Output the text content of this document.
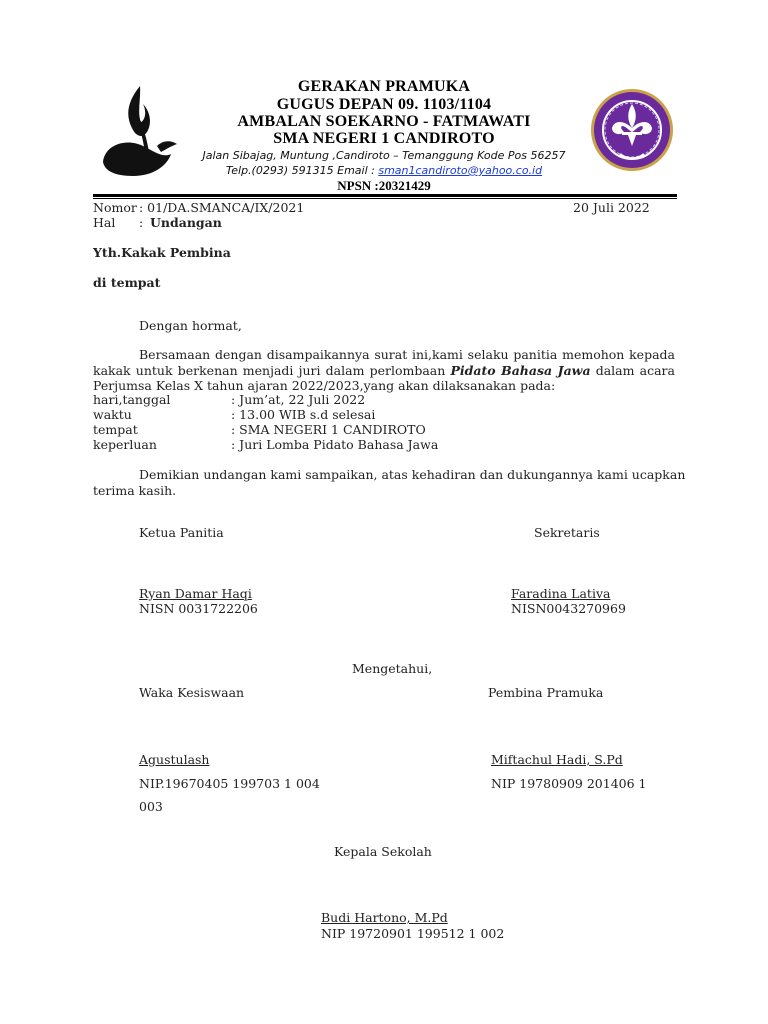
GERAKAN PRAMUKA
GUGUS DEPAN 09. 1103/1104
AMBALAN SOEKARNO - FATMAWATI
SMA NEGERI 1 CANDIROTO
Jalan Sibajag, Muntung ,Candiroto – Temanggung Kode Pos 56257
Telp.(0293) 591315 Email : sman1candiroto@yahoo.co.id
NPSN :20321429
Nomor : 01/DA.SMANCA/IX/2021	20 Juli 2022
Hal : Undangan
Yth.Kakak Pembina
di tempat
Dengan hormat,
Bersamaan dengan disampaikannya surat ini,kami selaku panitia memohon kepada
kakak untuk berkenan menjadi juri dalam perlombaan Pidato Bahasa Jawa dalam acara
Perjumsa Kelas X tahun ajaran 2022/2023,yang akan dilaksanakan pada:
hari,tanggal	: Jum’at, 22 Juli 2022
waktu	: 13.00 WIB s.d selesai
tempat	: SMA NEGERI 1 CANDIROTO
keperluan	: Juri Lomba Pidato Bahasa Jawa
Demikian undangan kami sampaikan, atas kehadiran dan dukungannya kami ucapkan
terima kasih.
Ketua Panitia	Sekretaris
Ryan Damar Haqi
NISN 0031722206
Faradina Lativa
NISN0043270969
Mengetahui,
Waka Kesiswaan	Pembina Pramuka
Agustulash
NIP.19670405 199703 1 004
Miftachul Hadi, S.Pd
NIP 19780909 201406 1
003
Kepala Sekolah
Budi Hartono, M.Pd
NIP 19720901 199512 1 002
